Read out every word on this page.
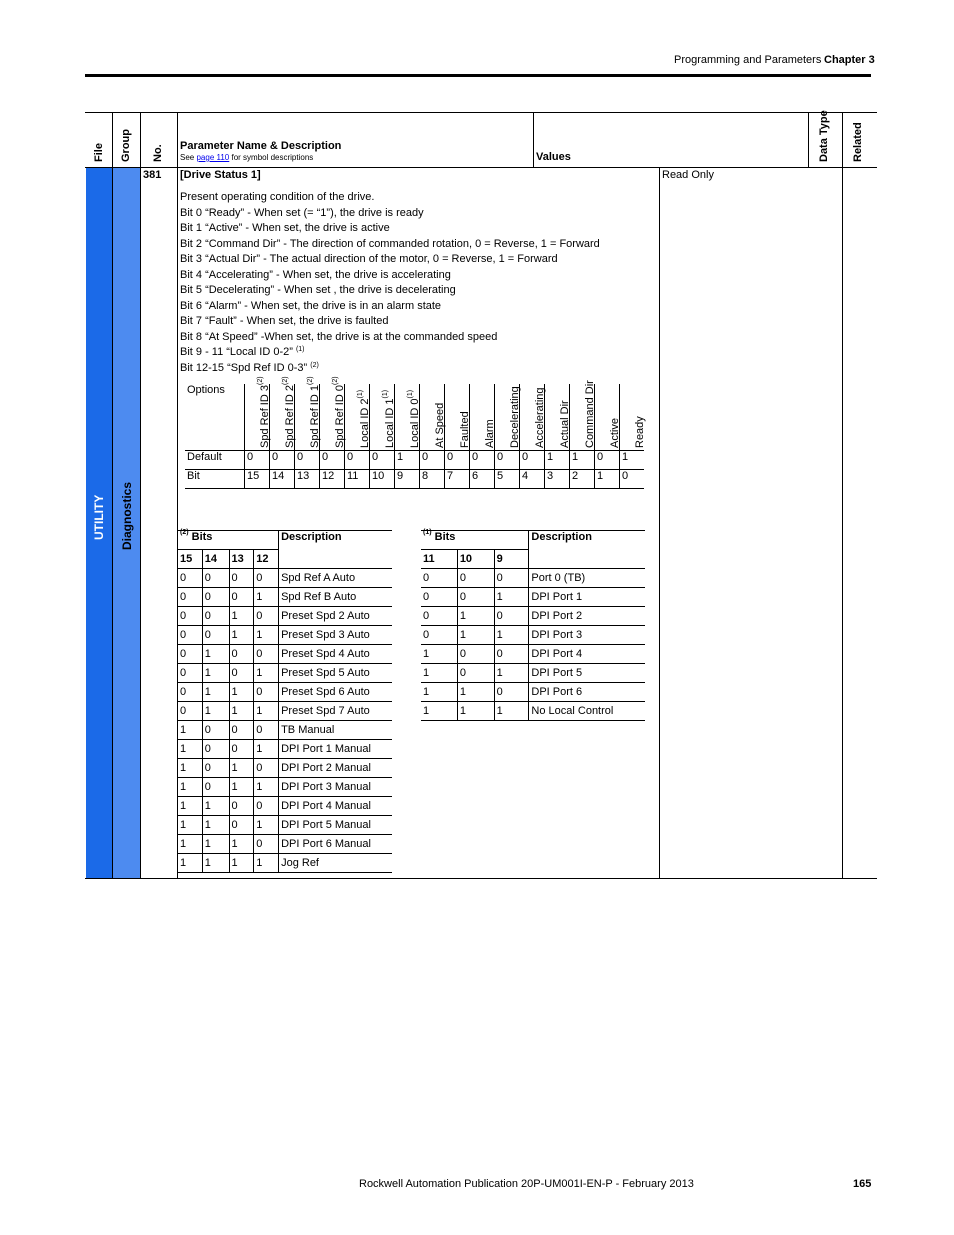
Programming and Parameters Chapter 3
File Group No. Parameter Name & Description
See page 110 for symbol descriptions	Values	Data Type Related
UTILITY Diagnostics
381 [Drive Status 1]	Read Only
Present operating condition of the drive.
Bit 0 “Ready” - When set (= “1”), the drive is ready
Bit 1 “Active” - When set, the drive is active
Bit 2 “Command Dir” - The direction of commanded rotation, 0 = Reverse, 1 = Forward
Bit 3 “Actual Dir” - The actual direction of the motor, 0 = Reverse, 1 = Forward
Bit 4 “Accelerating” - When set, the drive is accelerating
Bit 5 “Decelerating” - When set , the drive is decelerating
Bit 6 “Alarm” - When set, the drive is in an alarm state
Bit 7 “Fault” - When set, the drive is faulted
Bit 8 “At Speed” -When set, the drive is at the commanded speed
Bit 9 - 11 “Local ID 0-2” $^{(1)}$
Bit 12-15 “Spd Ref ID 0-3” $^{(2)}$
Options	Spd Ref ID 3$^{(2)}$	Spd Ref ID 2$^{(2)}$	Spd Ref ID 1$^{(2)}$	Spd Ref ID 0$^{(2)}$	Local ID 2$^{(1)}$	Local ID 1$^{(1)}$	Local ID 0$^{(1)}$	At Speed	Faulted	Alarm	Decelerating	Accelerating	Actual Dir	Command Dir	Active	Ready

Default	0	0	0	0	0	0	1	0	0	0	0	0	1	1	0	1
Bit	15	14	13	12	11	10	9	8	7	6	5	4	3	2	1	0
$^{(2)}$ Bits				Description
15	14	13	12	
0	0	0	0	Spd Ref A Auto
0	0	0	1	Spd Ref B Auto
0	0	1	0	Preset Spd 2 Auto
0	0	1	1	Preset Spd 3 Auto
0	1	0	0	Preset Spd 4 Auto
0	1	0	1	Preset Spd 5 Auto
0	1	1	0	Preset Spd 6 Auto
0	1	1	1	Preset Spd 7 Auto
1	0	0	0	TB Manual
1	0	0	1	DPI Port 1 Manual
1	0	1	0	DPI Port 2 Manual
1	0	1	1	DPI Port 3 Manual
1	1	0	0	DPI Port 4 Manual
1	1	0	1	DPI Port 5 Manual
1	1	1	0	DPI Port 6 Manual
1	1	1	1	Jog Ref
$^{(1)}$ Bits			Description
11	10	9	
0	0	0	Port 0 (TB)
0	0	1	DPI Port 1
0	1	0	DPI Port 2
0	1	1	DPI Port 3
1	0	0	DPI Port 4
1	0	1	DPI Port 5
1	1	0	DPI Port 6
1	1	1	No Local Control
Rockwell Automation Publication 20P-UM001I-EN-P - February 2013	165
